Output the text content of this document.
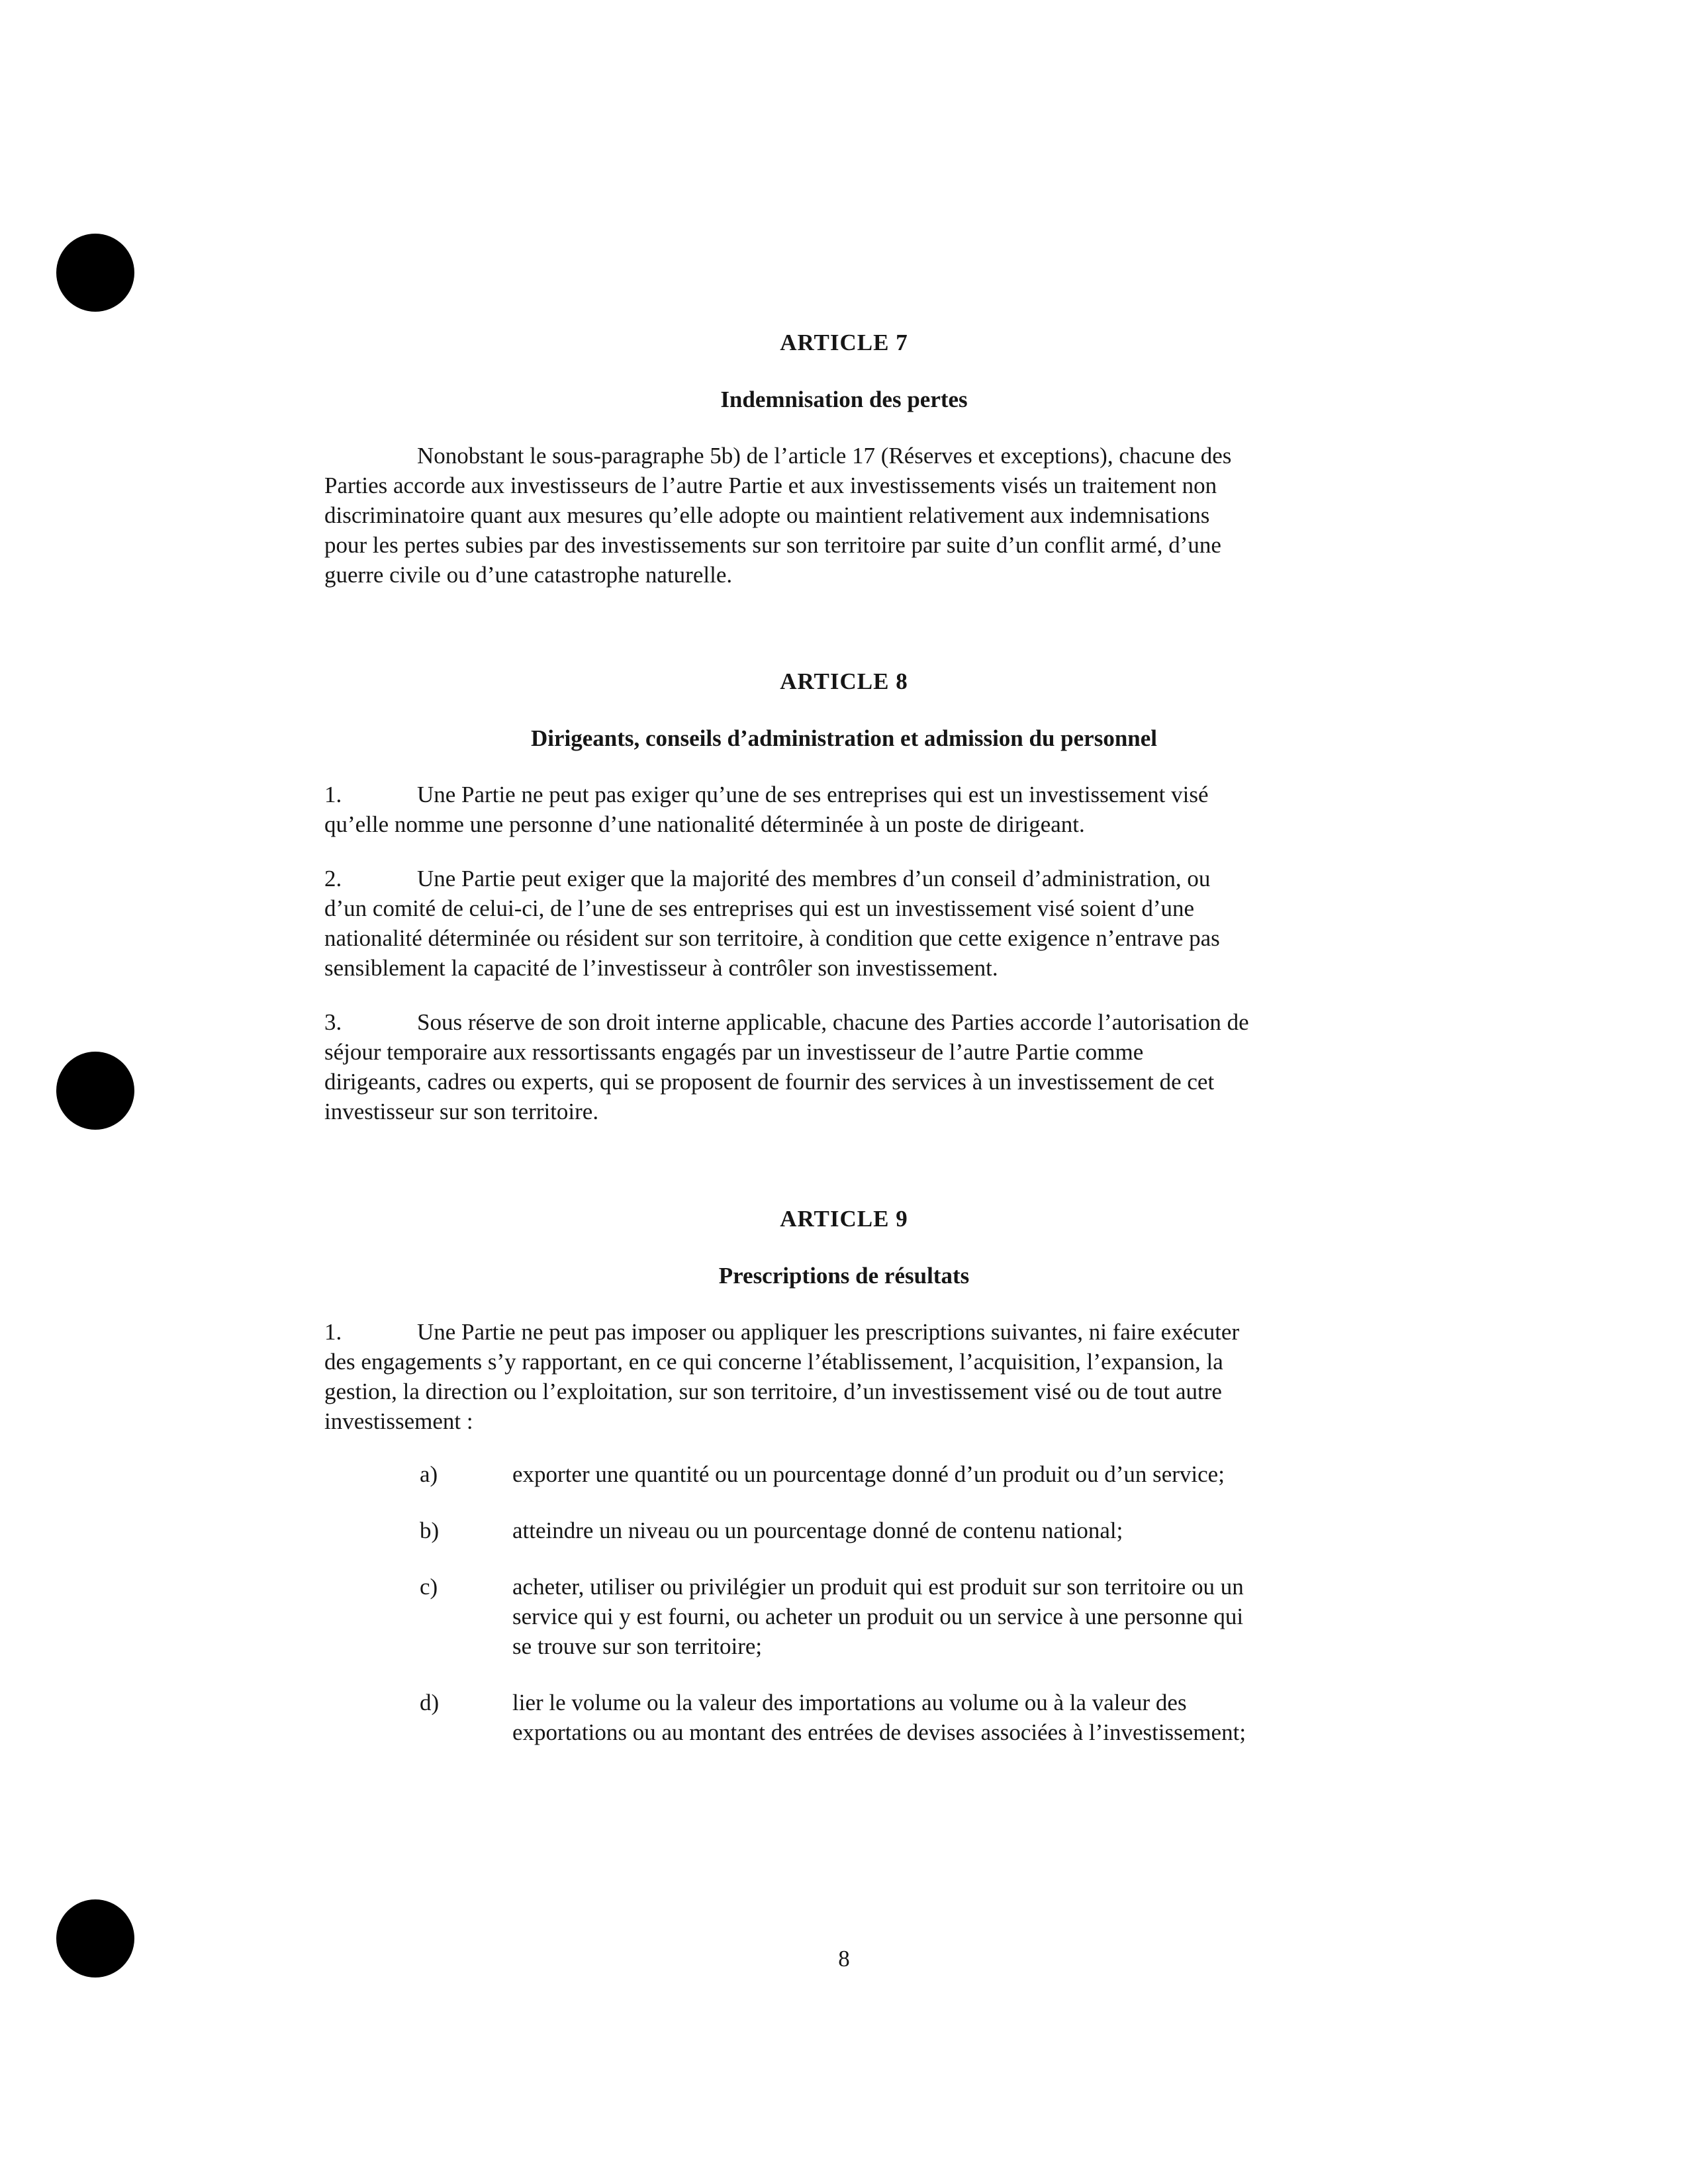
ARTICLE 7
Indemnisation des pertes

Nonobstant le sous-paragraphe 5b) de l’article 17 (Réserves et exceptions), chacune des
Parties accorde aux investisseurs de l’autre Partie et aux investissements visés un traitement non
discriminatoire quant aux mesures qu’elle adopte ou maintient relativement aux indemnisations
pour les pertes subies par des investissements sur son territoire par suite d’un conflit armé, d’une
guerre civile ou d’une catastrophe naturelle.

ARTICLE 8
Dirigeants, conseils d’administration et admission du personnel

1.	Une Partie ne peut pas exiger qu’une de ses entreprises qui est un investissement visé
qu’elle nomme une personne d’une nationalité déterminée à un poste de dirigeant.

2.	Une Partie peut exiger que la majorité des membres d’un conseil d’administration, ou
d’un comité de celui-ci, de l’une de ses entreprises qui est un investissement visé soient d’une
nationalité déterminée ou résident sur son territoire, à condition que cette exigence n’entrave pas
sensiblement la capacité de l’investisseur à contrôler son investissement.

3.	Sous réserve de son droit interne applicable, chacune des Parties accorde l’autorisation de
séjour temporaire aux ressortissants engagés par un investisseur de l’autre Partie comme
dirigeants, cadres ou experts, qui se proposent de fournir des services à un investissement de cet
investisseur sur son territoire.

ARTICLE 9
Prescriptions de résultats

1.	Une Partie ne peut pas imposer ou appliquer les prescriptions suivantes, ni faire exécuter
des engagements s’y rapportant, en ce qui concerne l’établissement, l’acquisition, l’expansion, la
gestion, la direction ou l’exploitation, sur son territoire, d’un investissement visé ou de tout autre
investissement :

a)	exporter une quantité ou un pourcentage donné d’un produit ou d’un service;
b)	atteindre un niveau ou un pourcentage donné de contenu national;
c)	acheter, utiliser ou privilégier un produit qui est produit sur son territoire ou un
service qui y est fourni, ou acheter un produit ou un service à une personne qui
se trouve sur son territoire;
d)	lier le volume ou la valeur des importations au volume ou à la valeur des
exportations ou au montant des entrées de devises associées à l’investissement;
8
